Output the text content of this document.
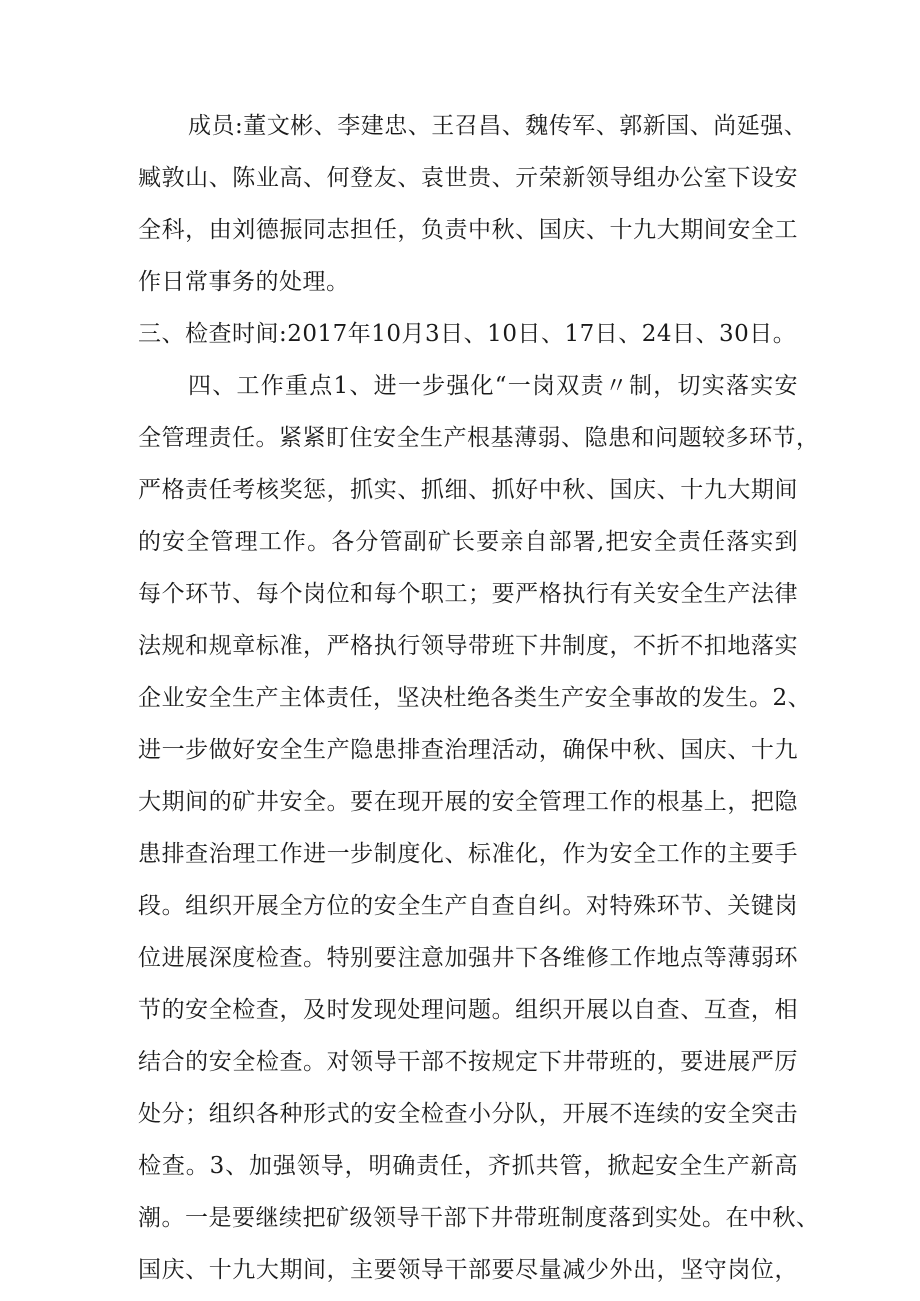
成员:董文彬、李建忠、王召昌、魏传军、郭新国、尚延强、
臧敦山、陈业高、何登友、袁世贵、亓荣新领导组办公室下设安
全科，由刘德振同志担任，负责中秋、国庆、十九大期间安全工
作日常事务的处理。
三、检查时间:2017年10月3日、10日、17日、24日、30日。
四、工作重点1、进一步强化“一岗双责〃制，切实落实安
全管理责任。紧紧盯住安全生产根基薄弱、隐患和问题较多环节，
严格责任考核奖惩，抓实、抓细、抓好中秋、国庆、十九大期间
的安全管理工作。各分管副矿长要亲自部署,把安全责任落实到
每个环节、每个岗位和每个职工；要严格执行有关安全生产法律
法规和规章标准，严格执行领导带班下井制度，不折不扣地落实
企业安全生产主体责任，坚决杜绝各类生产安全事故的发生。2、
进一步做好安全生产隐患排查治理活动，确保中秋、国庆、十九
大期间的矿井安全。要在现开展的安全管理工作的根基上，把隐
患排查治理工作进一步制度化、标准化，作为安全工作的主要手
段。组织开展全方位的安全生产自查自纠。对特殊环节、关键岗
位进展深度检查。特别要注意加强井下各维修工作地点等薄弱环
节的安全检查，及时发现处理问题。组织开展以自查、互查，相
结合的安全检查。对领导干部不按规定下井带班的，要进展严厉
处分；组织各种形式的安全检查小分队，开展不连续的安全突击
检查。3、加强领导，明确责任，齐抓共管，掀起安全生产新高
潮。一是要继续把矿级领导干部下井带班制度落到实处。在中秋、
国庆、十九大期间，主要领导干部要尽量减少外出，坚守岗位，
